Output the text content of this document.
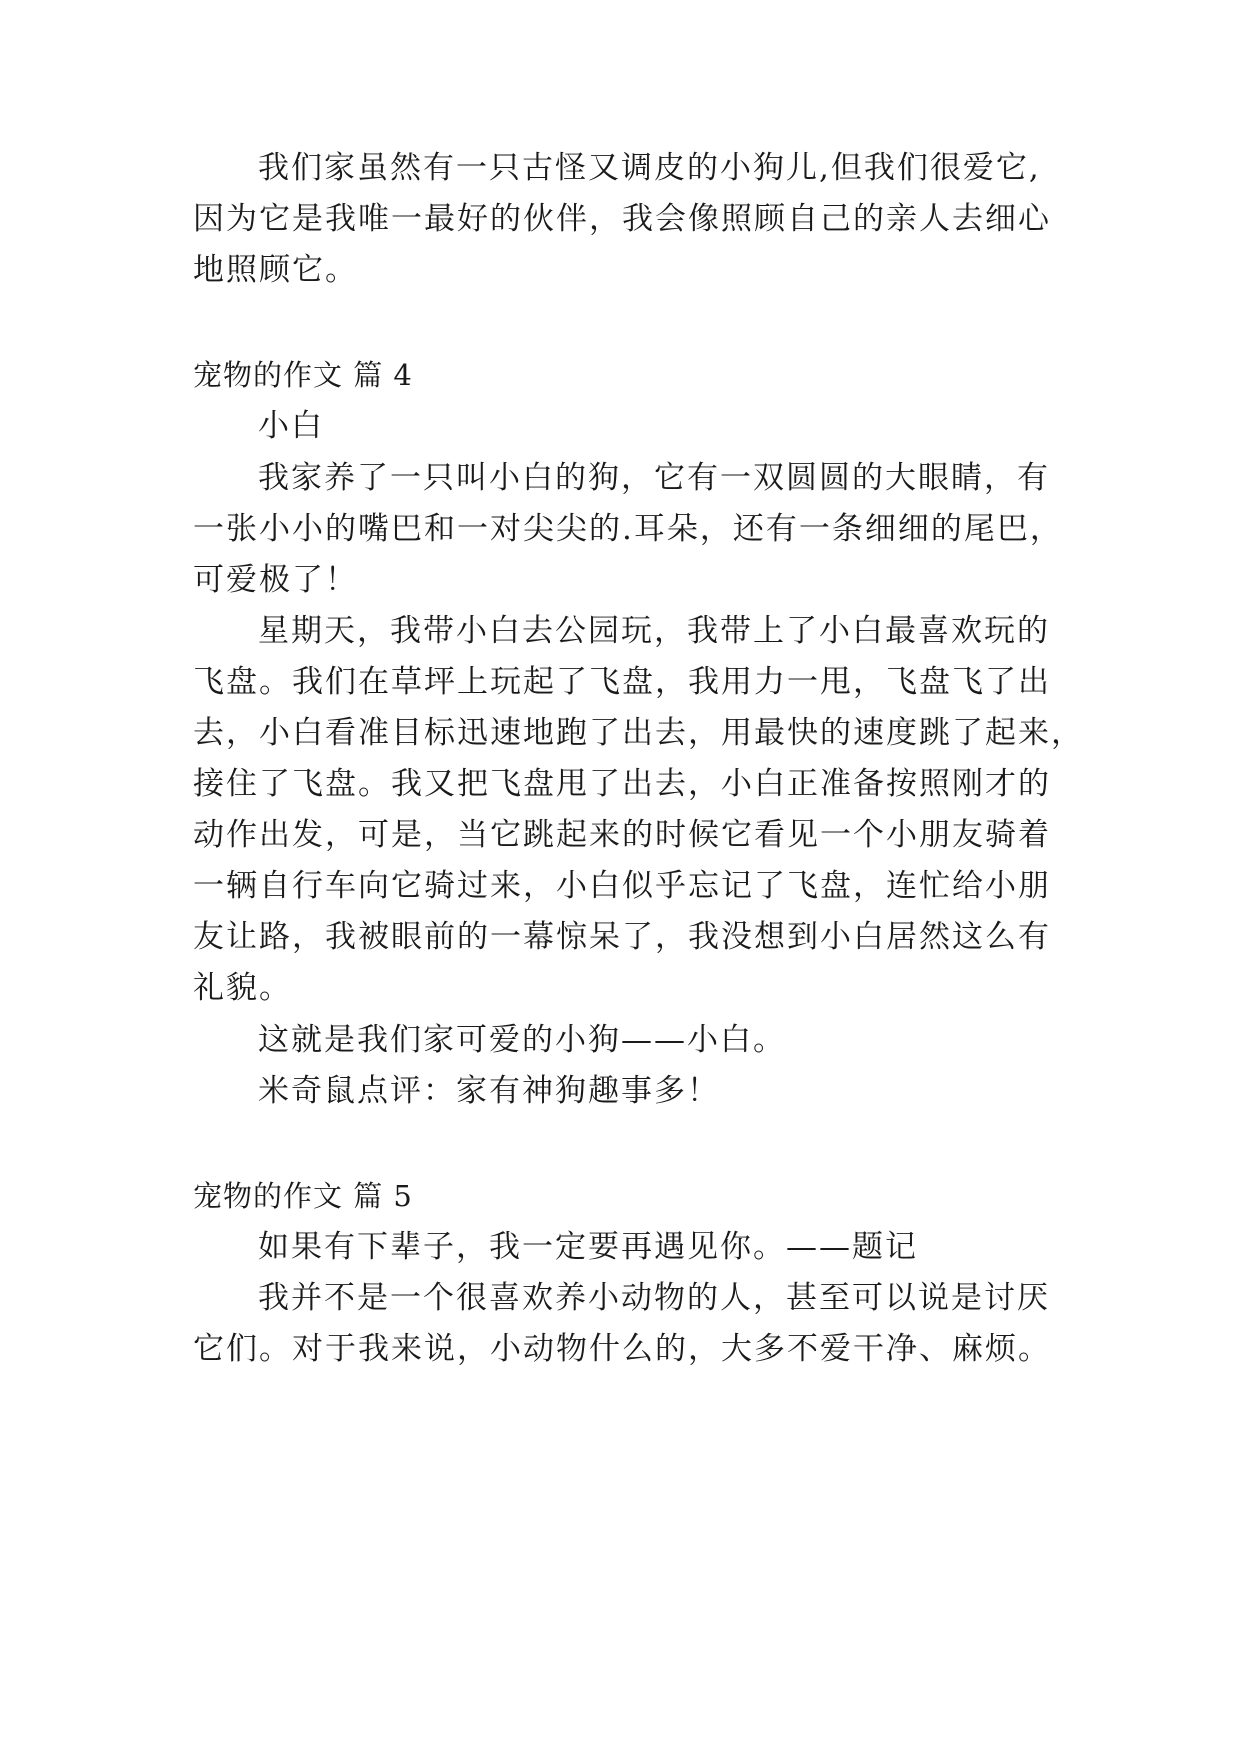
我们家虽然有一只古怪又调皮的小狗儿,但我们很爱它,
因为它是我唯一最好的伙伴，我会像照顾自己的亲人去细心
地照顾它。
宠物的作文 篇 4
小白
我家养了一只叫小白的狗，它有一双圆圆的大眼睛，有
一张小小的嘴巴和一对尖尖的.耳朵，还有一条细细的尾巴，
可爱极了！
星期天，我带小白去公园玩，我带上了小白最喜欢玩的
飞盘。我们在草坪上玩起了飞盘，我用力一甩，飞盘飞了出
去，小白看准目标迅速地跑了出去，用最快的速度跳了起来，
接住了飞盘。我又把飞盘甩了出去，小白正准备按照刚才的
动作出发，可是，当它跳起来的时候它看见一个小朋友骑着
一辆自行车向它骑过来，小白似乎忘记了飞盘，连忙给小朋
友让路，我被眼前的一幕惊呆了，我没想到小白居然这么有
礼貌。
这就是我们家可爱的小狗——小白。
米奇鼠点评：家有神狗趣事多！
宠物的作文 篇 5
如果有下辈子，我一定要再遇见你。——题记
我并不是一个很喜欢养小动物的人，甚至可以说是讨厌
它们。对于我来说，小动物什么的，大多不爱干净、麻烦。
